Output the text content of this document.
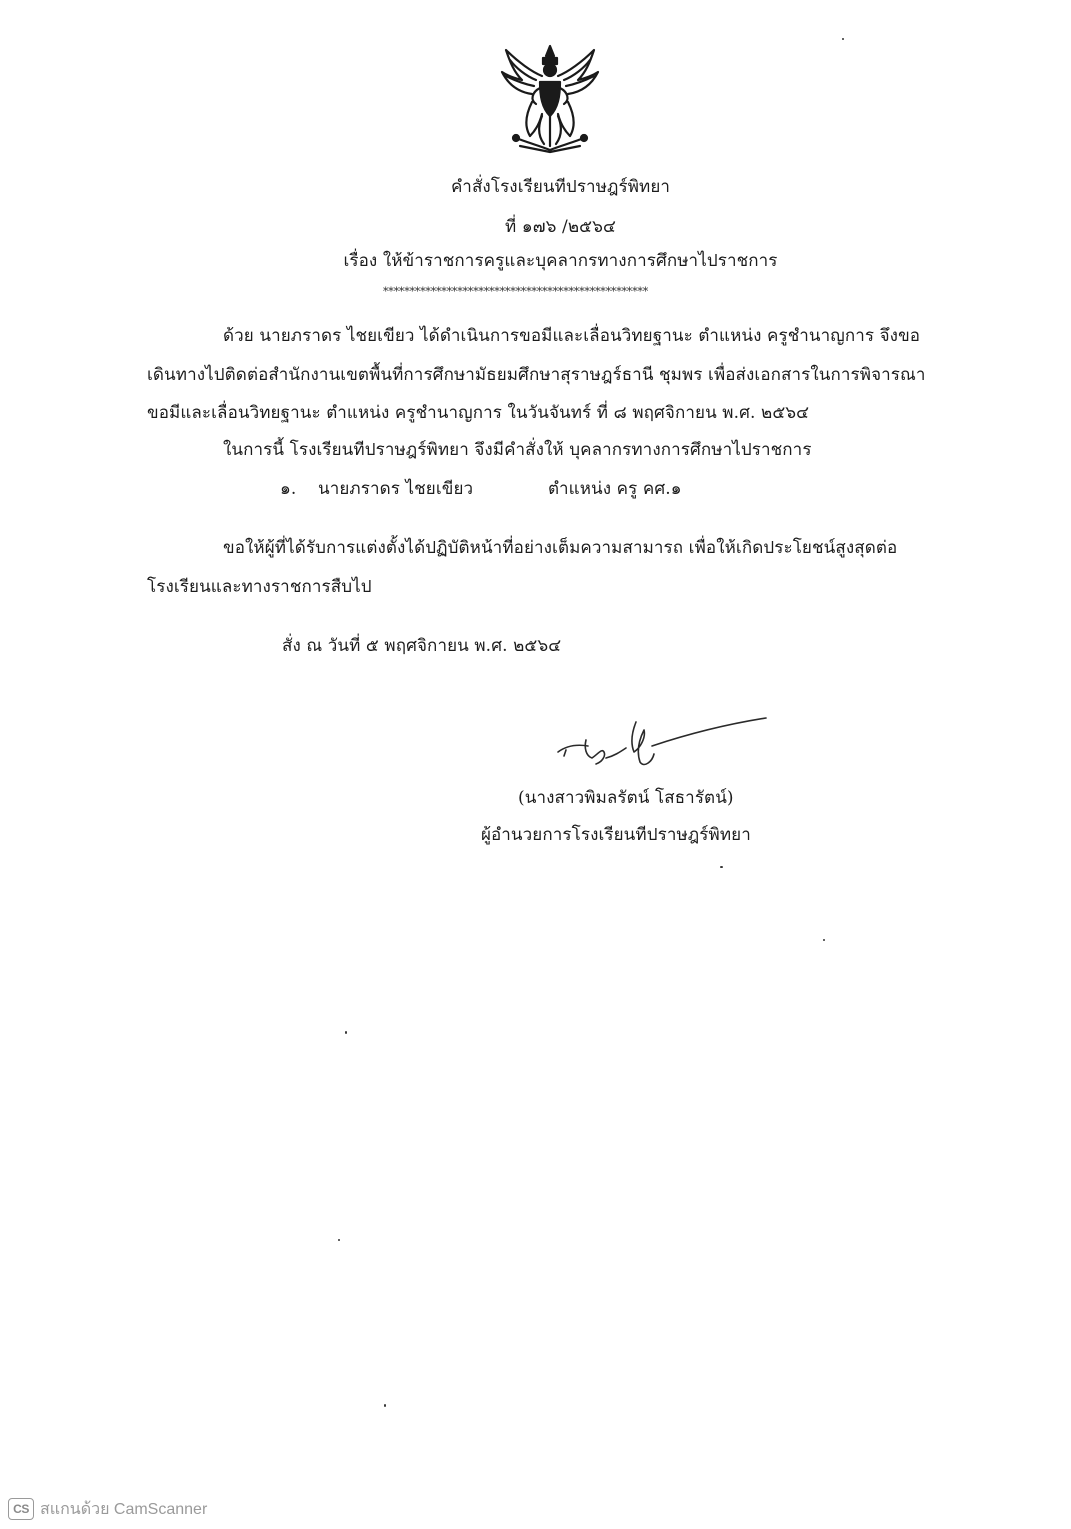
คำสั่งโรงเรียนทีปราษฎร์พิทยา
ที่ ๑๗๖ /๒๕๖๔
เรื่อง ให้ข้าราชการครูและบุคลากรทางการศึกษาไปราชการ
**************************************************
ด้วย นายภราดร ไชยเขียว ได้ดำเนินการขอมีและเลื่อนวิทยฐานะ ตำแหน่ง ครูชำนาญการ จึงขอ
เดินทางไปติดต่อสำนักงานเขตพื้นที่การศึกษามัธยมศึกษาสุราษฎร์ธานี ชุมพร เพื่อส่งเอกสารในการพิจารณา
ขอมีและเลื่อนวิทยฐานะ ตำแหน่ง ครูชำนาญการ ในวันจันทร์ ที่ ๘ พฤศจิกายน พ.ศ. ๒๕๖๔
ในการนี้ โรงเรียนทีปราษฎร์พิทยา จึงมีคำสั่งให้ บุคลากรทางการศึกษาไปราชการ
๑. นายภราดร ไชยเขียว	ตำแหน่ง ครู คศ.๑
ขอให้ผู้ที่ได้รับการแต่งตั้งได้ปฏิบัติหน้าที่อย่างเต็มความสามารถ เพื่อให้เกิดประโยชน์สูงสุดต่อ
โรงเรียนและทางราชการสืบไป
สั่ง ณ วันที่ ๕ พฤศจิกายน พ.ศ. ๒๕๖๔
(นางสาวพิมลรัตน์ โสธารัตน์)
ผู้อำนวยการโรงเรียนทีปราษฎร์พิทยา
CS สแกนด้วย CamScanner
